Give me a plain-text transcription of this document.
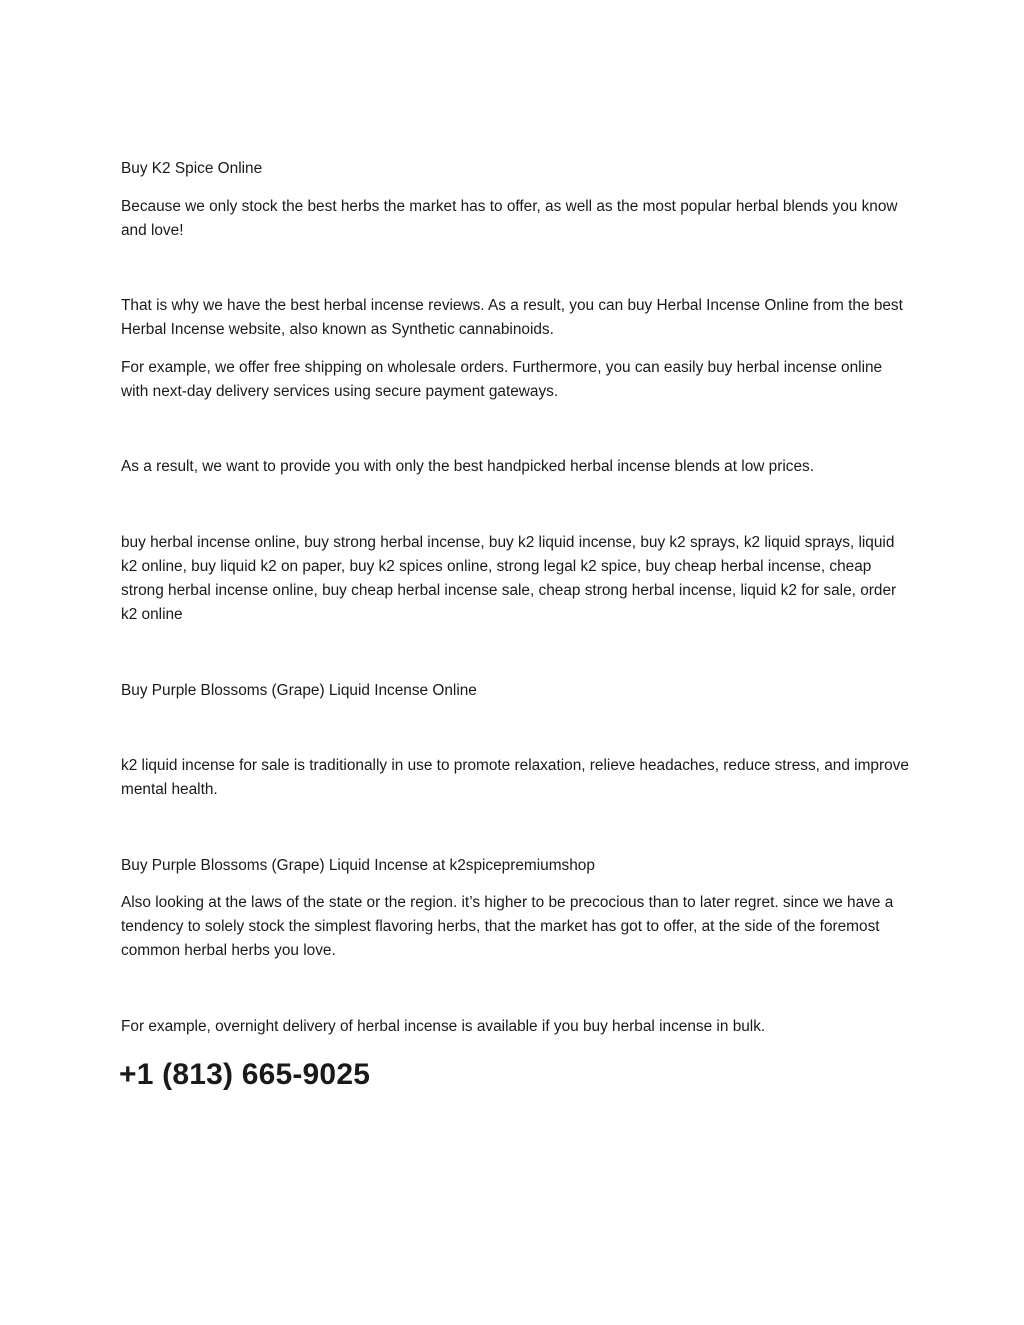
Buy K2 Spice Online

Because we only stock the best herbs the market has to offer, as well as the most popular herbal blends you know and love!

That is why we have the best herbal incense reviews. As a result, you can buy Herbal Incense Online from the best Herbal Incense website, also known as Synthetic cannabinoids.

For example, we offer free shipping on wholesale orders. Furthermore, you can easily buy herbal incense online with next-day delivery services using secure payment gateways.

As a result, we want to provide you with only the best handpicked herbal incense blends at low prices.

buy herbal incense online, buy strong herbal incense, buy k2 liquid incense, buy k2 sprays, k2 liquid sprays, liquid k2 online, buy liquid k2 on paper, buy k2 spices online, strong legal k2 spice, buy cheap herbal incense, cheap strong herbal incense online, buy cheap herbal incense sale, cheap strong herbal incense, liquid k2 for sale, order k2 online

Buy Purple Blossoms (Grape) Liquid Incense Online

k2 liquid incense for sale is traditionally in use to promote relaxation, relieve headaches, reduce stress, and improve mental health.

Buy Purple Blossoms (Grape) Liquid Incense at k2spicepremiumshop

Also looking at the laws of the state or the region. it’s higher to be precocious than to later regret. since we have a tendency to solely stock the simplest flavoring herbs, that the market has got to offer, at the side of the foremost common herbal herbs you love.

For example, overnight delivery of herbal incense is available if you buy herbal incense in bulk.

+1 (813) 665-9025
